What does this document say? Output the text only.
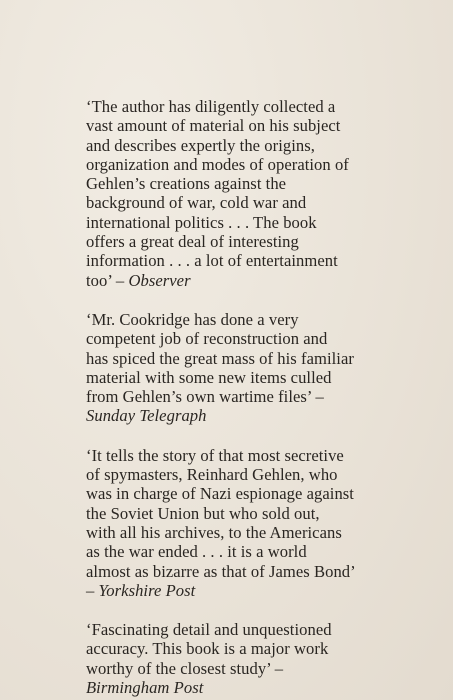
‘The author has diligently collected a
vast amount of material on his subject
and describes expertly the origins,
organization and modes of operation of
Gehlen’s creations against the
background of war, cold war and
international politics . . . The book
offers a great deal of interesting
information . . . a lot of entertainment
too’ – Observer
‘Mr. Cookridge has done a very
competent job of reconstruction and
has spiced the great mass of his familiar
material with some new items culled
from Gehlen’s own wartime files’ –
Sunday Telegraph
‘It tells the story of that most secretive
of spymasters, Reinhard Gehlen, who
was in charge of Nazi espionage against
the Soviet Union but who sold out,
with all his archives, to the Americans
as the war ended . . . it is a world
almost as bizarre as that of James Bond’
– Yorkshire Post
‘Fascinating detail and unquestioned
accuracy. This book is a major work
worthy of the closest study’ –
Birmingham Post
